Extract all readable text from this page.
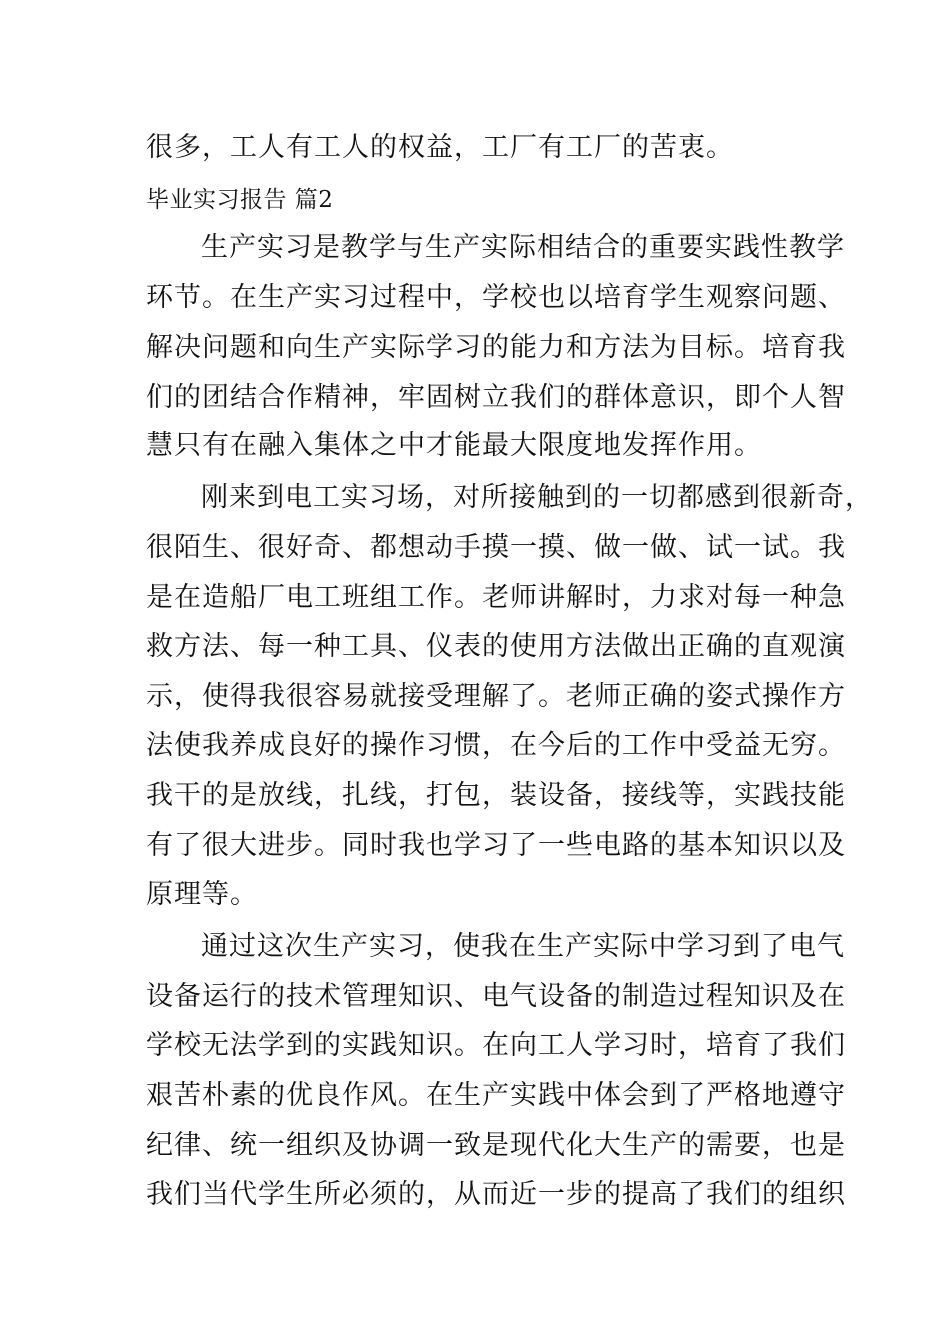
很多，工人有工人的权益，工厂有工厂的苦衷。
毕业实习报告 篇2
生产实习是教学与生产实际相结合的重要实践性教学
环节。在生产实习过程中，学校也以培育学生观察问题、
解决问题和向生产实际学习的能力和方法为目标。培育我
们的团结合作精神，牢固树立我们的群体意识，即个人智
慧只有在融入集体之中才能最大限度地发挥作用。
刚来到电工实习场，对所接触到的一切都感到很新奇，
很陌生、很好奇、都想动手摸一摸、做一做、试一试。我
是在造船厂电工班组工作。老师讲解时，力求对每一种急
救方法、每一种工具、仪表的使用方法做出正确的直观演
示，使得我很容易就接受理解了。老师正确的姿式操作方
法使我养成良好的操作习惯，在今后的工作中受益无穷。
我干的是放线，扎线，打包，装设备，接线等，实践技能
有了很大进步。同时我也学习了一些电路的基本知识以及
原理等。
通过这次生产实习，使我在生产实际中学习到了电气
设备运行的技术管理知识、电气设备的制造过程知识及在
学校无法学到的实践知识。在向工人学习时，培育了我们
艰苦朴素的优良作风。在生产实践中体会到了严格地遵守
纪律、统一组织及协调一致是现代化大生产的需要，也是
我们当代学生所必须的，从而近一步的提高了我们的组织
